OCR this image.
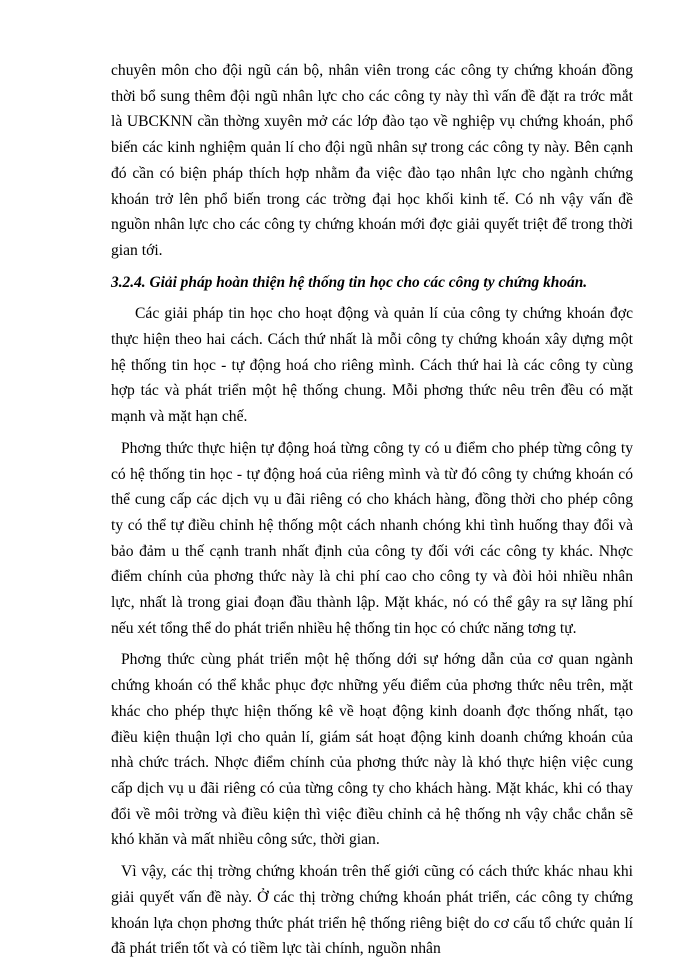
chuyên môn cho đội ngũ cán bộ, nhân viên trong các công ty chứng khoán đồng thời bổ sung thêm đội ngũ nhân lực cho các công ty này thì vấn đề đặt ra trớc mắt là UBCKNN cần thờng xuyên mở các lớp đào tạo về nghiệp vụ chứng khoán, phổ biến các kinh nghiệm quản lí cho đội ngũ nhân sự trong các công ty này. Bên cạnh đó cần có biện pháp thích hợp nhằm đa việc đào tạo nhân lực cho ngành chứng khoán trở lên phổ biến trong các trờng đại học khối kinh tế. Có nh vậy vấn đề nguồn nhân lực cho các công ty chứng khoán mới đợc giải quyết triệt để trong thời gian tới.

3.2.4. Giải pháp hoàn thiện hệ thống tin học cho các công ty chứng khoán.

Các giải pháp tin học cho hoạt động và quản lí của công ty chứng khoán đợc thực hiện theo hai cách. Cách thứ nhất là mỗi công ty chứng khoán xây dựng một hệ thống tin học - tự động hoá cho riêng mình. Cách thứ hai là các công ty cùng hợp tác và phát triển một hệ thống chung. Mỗi phơng thức nêu trên đều có mặt mạnh và mặt hạn chế.

Phơng thức thực hiện tự động hoá từng công ty có u điểm cho phép từng công ty có hệ thống tin học - tự động hoá của riêng mình và từ đó công ty chứng khoán có thể cung cấp các dịch vụ u đãi riêng có cho khách hàng, đồng thời cho phép công ty có thể tự điều chỉnh hệ thống một cách nhanh chóng khi tình huống thay đổi và bảo đảm u thế cạnh tranh nhất định của công ty đối với các công ty khác. Nhợc điểm chính của phơng thức này là chi phí cao cho công ty và đòi hỏi nhiều nhân lực, nhất là trong giai đoạn đầu thành lập. Mặt khác, nó có thể gây ra sự lãng phí nếu xét tổng thể do phát triển nhiều hệ thống tin học có chức năng tơng tự.

Phơng thức cùng phát triển một hệ thống dới sự hớng dẫn của cơ quan ngành chứng khoán có thể khắc phục đợc những yếu điểm của phơng thức nêu trên, mặt khác cho phép thực hiện thống kê về hoạt động kinh doanh đợc thống nhất, tạo điều kiện thuận lợi cho quản lí, giám sát hoạt động kinh doanh chứng khoán của nhà chức trách. Nhợc điểm chính của phơng thức này là khó thực hiện việc cung cấp dịch vụ u đãi riêng có của từng công ty cho khách hàng. Mặt khác, khi có thay đổi về môi trờng và điều kiện thì việc điều chỉnh cả hệ thống nh vậy chắc chắn sẽ khó khăn và mất nhiều công sức, thời gian.

Vì vậy, các thị trờng chứng khoán trên thế giới cũng có cách thức khác nhau khi giải quyết vấn đề này. Ở các thị trờng chứng khoán phát triển, các công ty chứng khoán lựa chọn phơng thức phát triển hệ thống riêng biệt do cơ cấu tổ chức quản lí đã phát triển tốt và có tiềm lực tài chính, nguồn nhân
